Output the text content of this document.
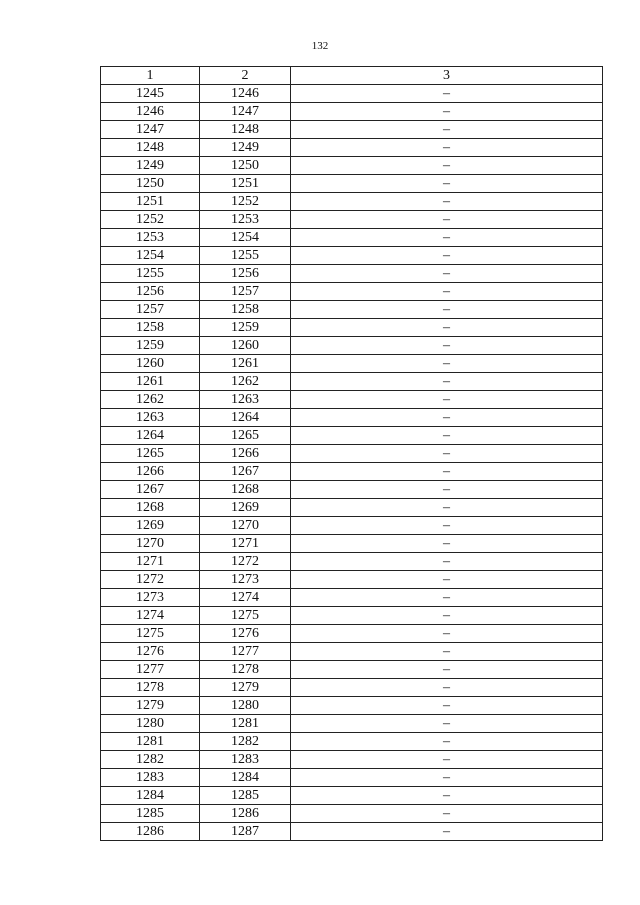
132
1	2	3
1245	1246	–
1246	1247	–
1247	1248	–
1248	1249	–
1249	1250	–
1250	1251	–
1251	1252	–
1252	1253	–
1253	1254	–
1254	1255	–
1255	1256	–
1256	1257	–
1257	1258	–
1258	1259	–
1259	1260	–
1260	1261	–
1261	1262	–
1262	1263	–
1263	1264	–
1264	1265	–
1265	1266	–
1266	1267	–
1267	1268	–
1268	1269	–
1269	1270	–
1270	1271	–
1271	1272	–
1272	1273	–
1273	1274	–
1274	1275	–
1275	1276	–
1276	1277	–
1277	1278	–
1278	1279	–
1279	1280	–
1280	1281	–
1281	1282	–
1282	1283	–
1283	1284	–
1284	1285	–
1285	1286	–
1286	1287	–
